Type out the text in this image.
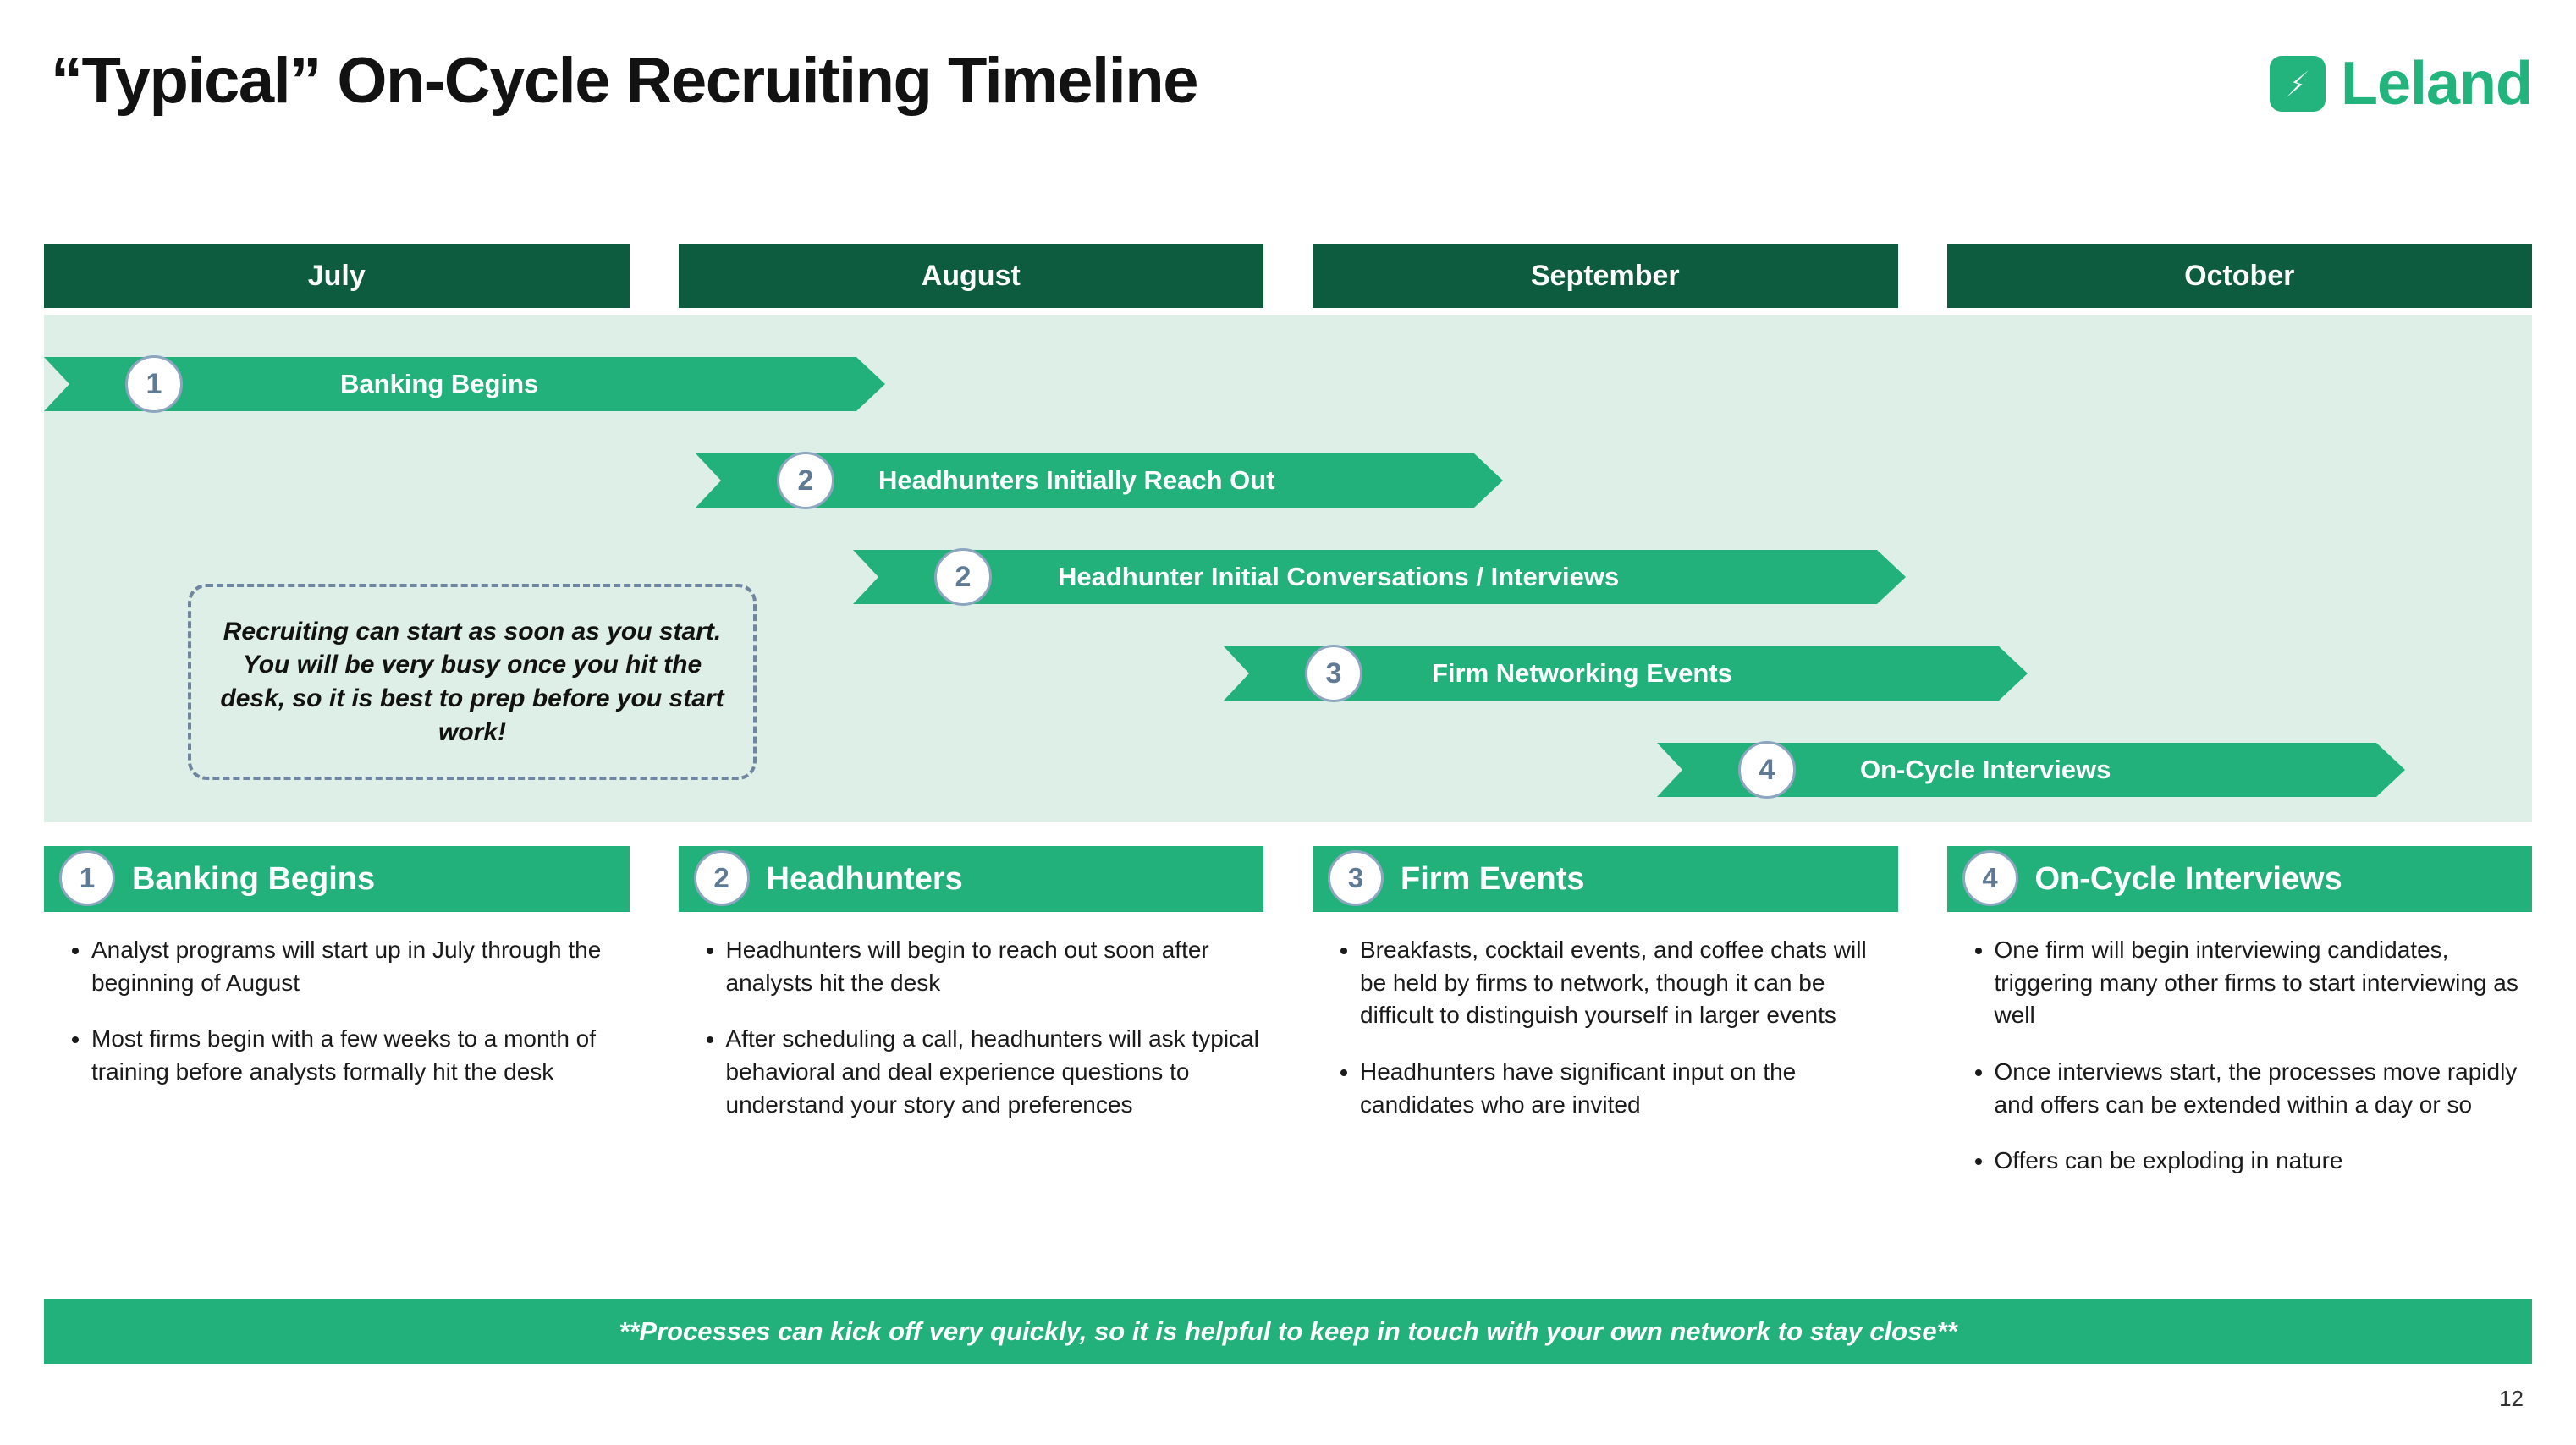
“Typical” On-Cycle Recruiting Timeline	Leland
July	August	September	October
1	Banking Begins
2	Headhunters Initially Reach Out
2	Headhunter Initial Conversations / Interviews
3	Firm Networking Events
4	On-Cycle Interviews
Recruiting can start as soon as you start. You will be very busy once you hit the desk, so it is best to prep before you start work!
1	Banking Begins
• Analyst programs will start up in July through the beginning of August
• Most firms begin with a few weeks to a month of training before analysts formally hit the desk
2	Headhunters
• Headhunters will begin to reach out soon after analysts hit the desk
• After scheduling a call, headhunters will ask typical behavioral and deal experience questions to understand your story and preferences
3	Firm Events
• Breakfasts, cocktail events, and coffee chats will be held by firms to network, though it can be difficult to distinguish yourself in larger events
• Headhunters have significant input on the candidates who are invited
4	On-Cycle Interviews
• One firm will begin interviewing candidates, triggering many other firms to start interviewing as well
• Once interviews start, the processes move rapidly and offers can be extended within a day or so
• Offers can be exploding in nature
**Processes can kick off very quickly, so it is helpful to keep in touch with your own network to stay close**
12
